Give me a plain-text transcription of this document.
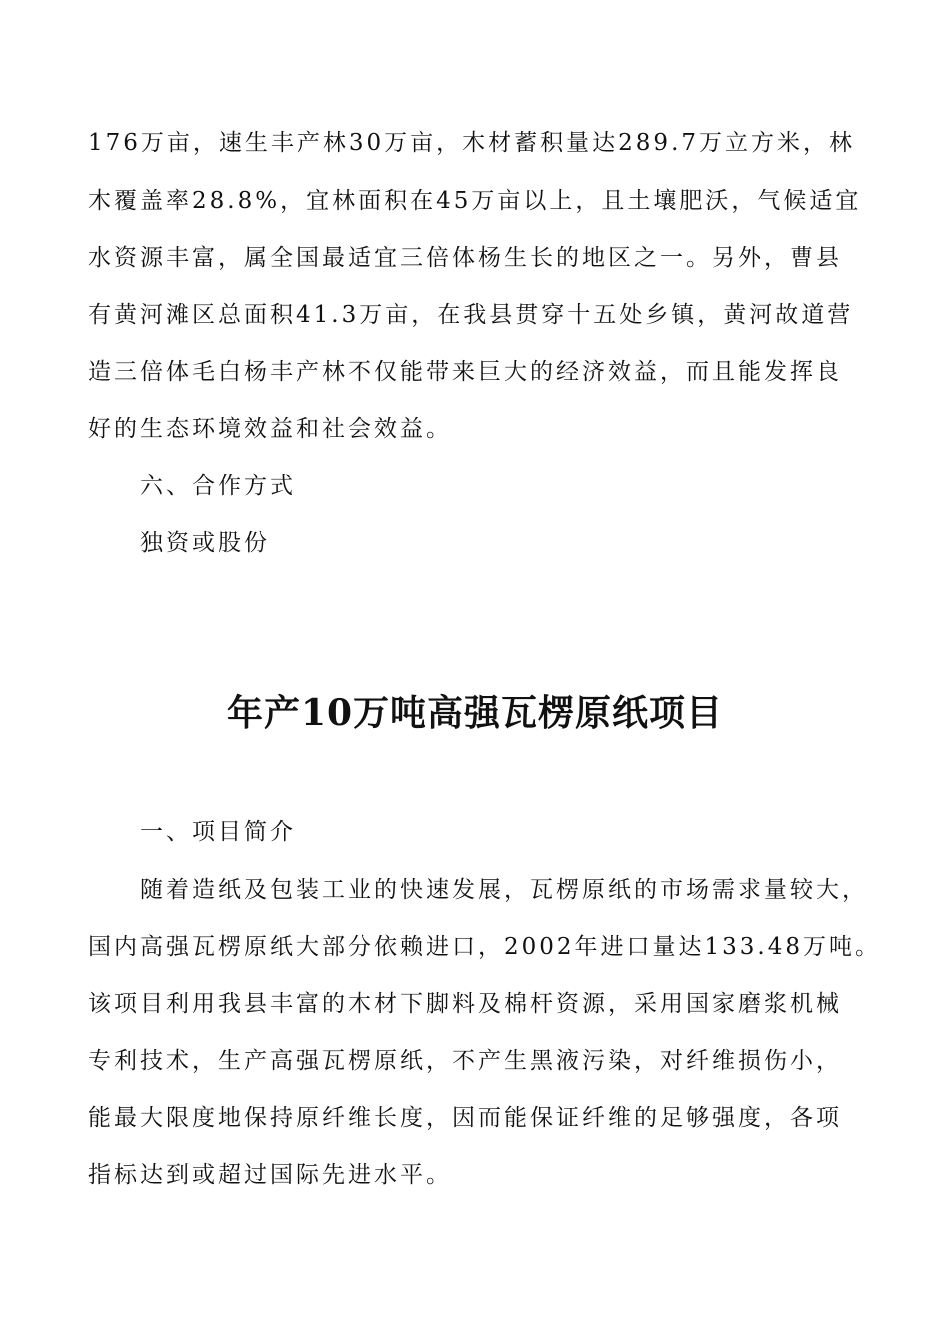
176万亩，速生丰产林30万亩，木材蓄积量达289.7万立方米，林
木覆盖率28.8%，宜林面积在45万亩以上，且土壤肥沃，气候适宜
水资源丰富，属全国最适宜三倍体杨生长的地区之一。另外，曹县
有黄河滩区总面积41.3万亩，在我县贯穿十五处乡镇，黄河故道营
造三倍体毛白杨丰产林不仅能带来巨大的经济效益，而且能发挥良
好的生态环境效益和社会效益。
六、合作方式
独资或股份
年产10万吨高强瓦楞原纸项目
一、项目简介
随着造纸及包装工业的快速发展，瓦楞原纸的市场需求量较大，
国内高强瓦楞原纸大部分依赖进口，2002年进口量达133.48万吨。
该项目利用我县丰富的木材下脚料及棉杆资源，采用国家磨浆机械
专利技术，生产高强瓦楞原纸，不产生黑液污染，对纤维损伤小，
能最大限度地保持原纤维长度，因而能保证纤维的足够强度，各项
指标达到或超过国际先进水平。
